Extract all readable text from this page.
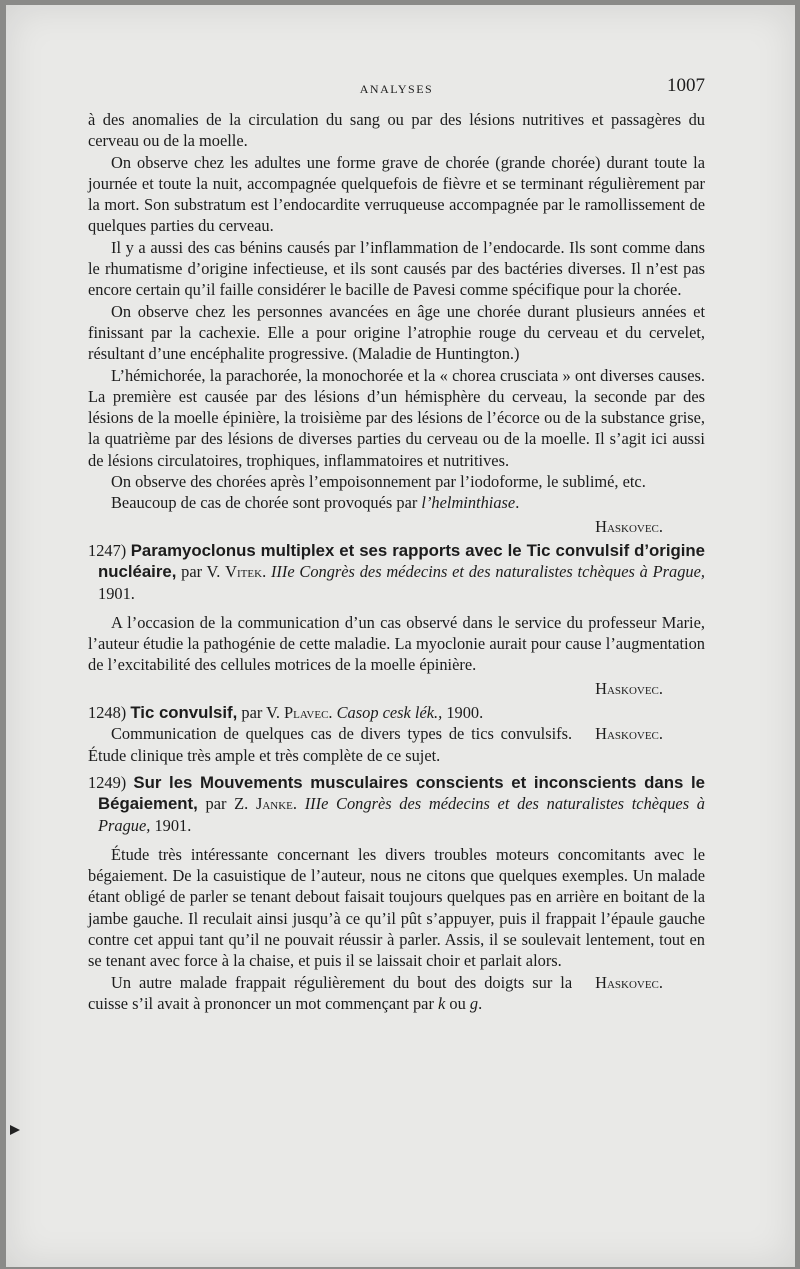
ANALYSES	1007

à des anomalies de la circulation du sang ou par des lésions nutritives et passagères du cerveau ou de la moelle.

On observe chez les adultes une forme grave de chorée (grande chorée) durant toute la journée et toute la nuit, accompagnée quelquefois de fièvre et se terminant régulièrement par la mort. Son substratum est l’endocardite verruqueuse accompagnée par le ramollissement de quelques parties du cerveau.

Il y a aussi des cas bénins causés par l’inflammation de l’endocarde. Ils sont comme dans le rhumatisme d’origine infectieuse, et ils sont causés par des bactéries diverses. Il n’est pas encore certain qu’il faille considérer le bacille de Pavesi comme spécifique pour la chorée.

On observe chez les personnes avancées en âge une chorée durant plusieurs années et finissant par la cachexie. Elle a pour origine l’atrophie rouge du cerveau et du cervelet, résultant d’une encéphalite progressive. (Maladie de Huntington.)

L’hémichorée, la parachorée, la monochorée et la « chorea crusciata » ont diverses causes. La première est causée par des lésions d’un hémisphère du cerveau, la seconde par des lésions de la moelle épinière, la troisième par des lésions de l’écorce ou de la substance grise, la quatrième par des lésions de diverses parties du cerveau ou de la moelle. Il s’agit ici aussi de lésions circulatoires, trophiques, inflammatoires et nutritives.

On observe des chorées après l’empoisonnement par l’iodoforme, le sublimé, etc.

Beaucoup de cas de chorée sont provoqués par l’helminthiase.

Haskovec.

1247) Paramyoclonus multiplex et ses rapports avec le Tic convulsif d’origine nucléaire, par V. Vitek. IIIe Congrès des médecins et des naturalistes tchèques à Prague, 1901.

A l’occasion de la communication d’un cas observé dans le service du professeur Marie, l’auteur étudie la pathogénie de cette maladie. La myoclonie aurait pour cause l’augmentation de l’excitabilité des cellules motrices de la moelle épinière.

Haskovec.

1248) Tic convulsif, par V. Plavec. Casop cesk lék., 1900.

Haskovec.
Communication de quelques cas de divers types de tics convulsifs. Étude clinique très ample et très complète de ce sujet.

1249) Sur les Mouvements musculaires conscients et inconscients dans le Bégaiement, par Z. Janke. IIIe Congrès des médecins et des naturalistes tchèques à Prague, 1901.

Étude très intéressante concernant les divers troubles moteurs concomitants avec le bégaiement. De la casuistique de l’auteur, nous ne citons que quelques exemples. Un malade étant obligé de parler se tenant debout faisait toujours quelques pas en arrière en boitant de la jambe gauche. Il reculait ainsi jusqu’à ce qu’il pût s’appuyer, puis il frappait l’épaule gauche contre cet appui tant qu’il ne pouvait réussir à parler. Assis, il se soulevait lentement, tout en se tenant avec force à la chaise, et puis il se laissait choir et parlait alors.

Haskovec.
Un autre malade frappait régulièrement du bout des doigts sur la cuisse s’il avait à prononcer un mot commençant par k ou g.
